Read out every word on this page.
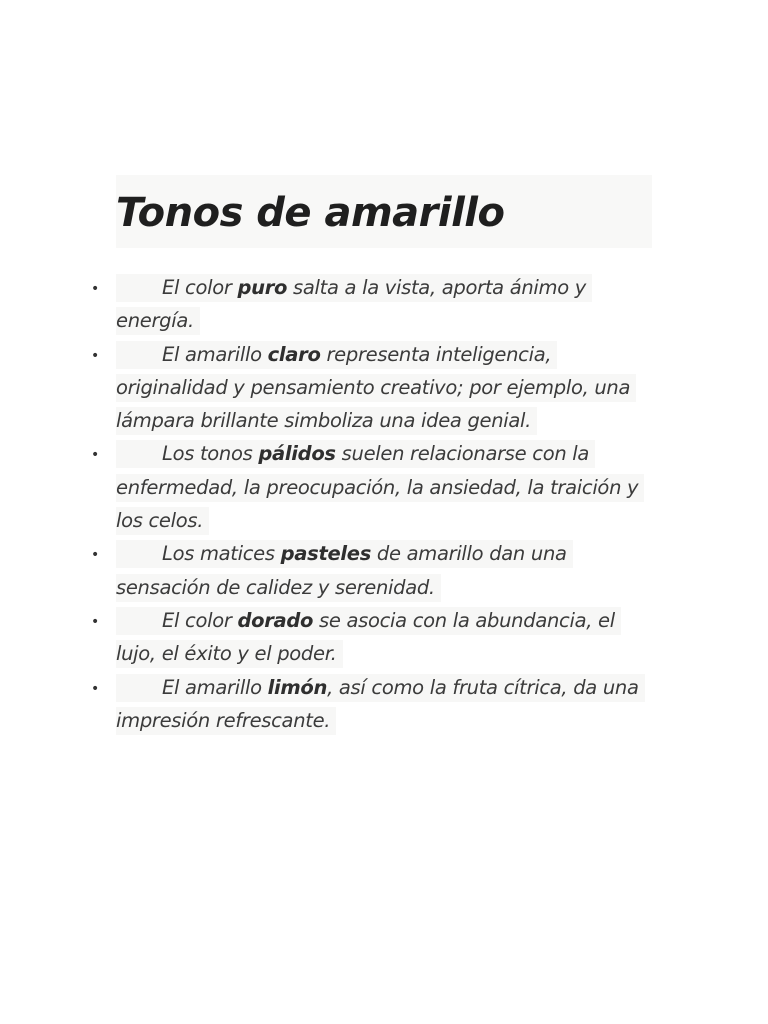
Tonos de amarillo
•	El color puro salta a la vista, aporta ánimo y energía.
•	El amarillo claro representa inteligencia, originalidad y pensamiento creativo; por ejemplo, una lámpara brillante simboliza una idea genial.
•	Los tonos pálidos suelen relacionarse con la enfermedad, la preocupación, la ansiedad, la traición y los celos.
•	Los matices pasteles de amarillo dan una sensación de calidez y serenidad.
•	El color dorado se asocia con la abundancia, el lujo, el éxito y el poder.
•	El amarillo limón, así como la fruta cítrica, da una impresión refrescante.
